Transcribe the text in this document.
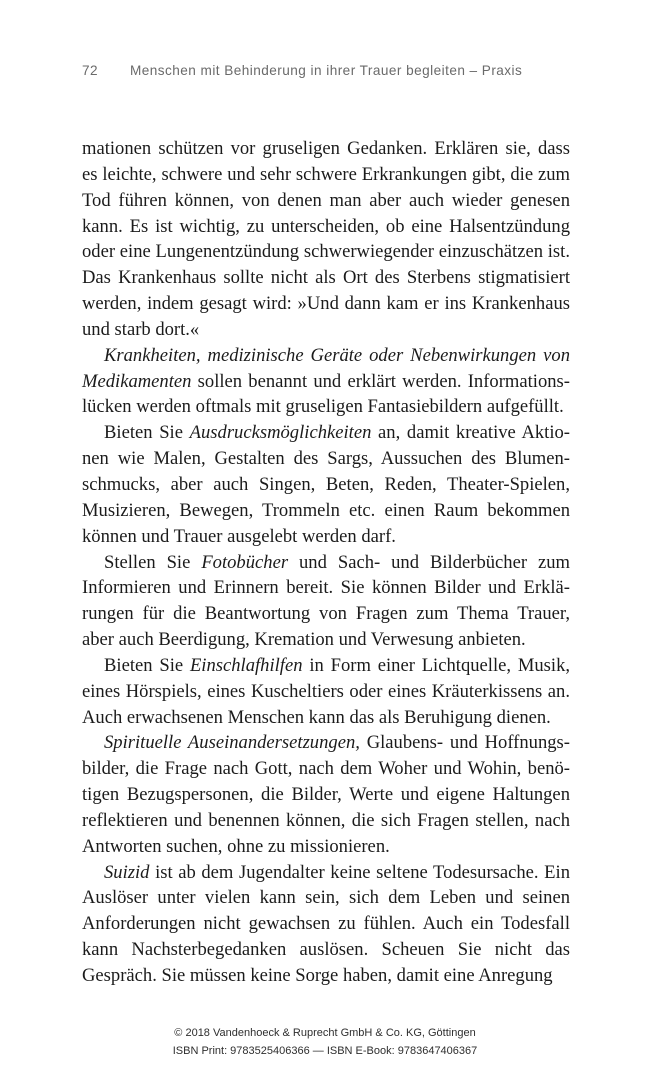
72 Menschen mit Behinderung in ihrer Trauer begleiten – Praxis

mationen schützen vor gruseligen Gedanken. Erklären sie, dass es leichte, schwere und sehr schwere Erkrankungen gibt, die zum Tod führen können, von denen man aber auch wieder genesen kann. Es ist wichtig, zu unterscheiden, ob eine Halsentzündung oder eine Lungenentzündung schwerwiegender einzuschätzen ist. Das Krankenhaus sollte nicht als Ort des Sterbens stigmatisiert werden, indem gesagt wird: »Und dann kam er ins Krankenhaus und starb dort.«

Krankheiten, medizinische Geräte oder Nebenwirkungen von Medikamenten sollen benannt und erklärt werden. Informationslücken werden oftmals mit gruseligen Fantasiebildern aufgefüllt.

Bieten Sie Ausdrucksmöglichkeiten an, damit kreative Aktionen wie Malen, Gestalten des Sargs, Aussuchen des Blumenschmucks, aber auch Singen, Beten, Reden, Theater-Spielen, Musizieren, Bewegen, Trommeln etc. einen Raum bekommen können und Trauer ausgelebt werden darf.

Stellen Sie Fotobücher und Sach- und Bilderbücher zum Informieren und Erinnern bereit. Sie können Bilder und Erklärungen für die Beantwortung von Fragen zum Thema Trauer, aber auch Beerdigung, Kremation und Verwesung anbieten.

Bieten Sie Einschlafhilfen in Form einer Lichtquelle, Musik, eines Hörspiels, eines Kuscheltiers oder eines Kräuterkissens an. Auch erwachsenen Menschen kann das als Beruhigung dienen.

Spirituelle Auseinandersetzungen, Glaubens- und Hoffnungsbilder, die Frage nach Gott, nach dem Woher und Wohin, benötigen Bezugspersonen, die Bilder, Werte und eigene Haltungen reflektieren und benennen können, die sich Fragen stellen, nach Antworten suchen, ohne zu missionieren.

Suizid ist ab dem Jugendalter keine seltene Todesursache. Ein Auslöser unter vielen kann sein, sich dem Leben und seinen Anforderungen nicht gewachsen zu fühlen. Auch ein Todesfall kann Nachsterbegedanken auslösen. Scheuen Sie nicht das Gespräch. Sie müssen keine Sorge haben, damit eine Anregung

© 2018 Vandenhoeck & Ruprecht GmbH & Co. KG, Göttingen
ISBN Print: 9783525406366 — ISBN E-Book: 9783647406367
